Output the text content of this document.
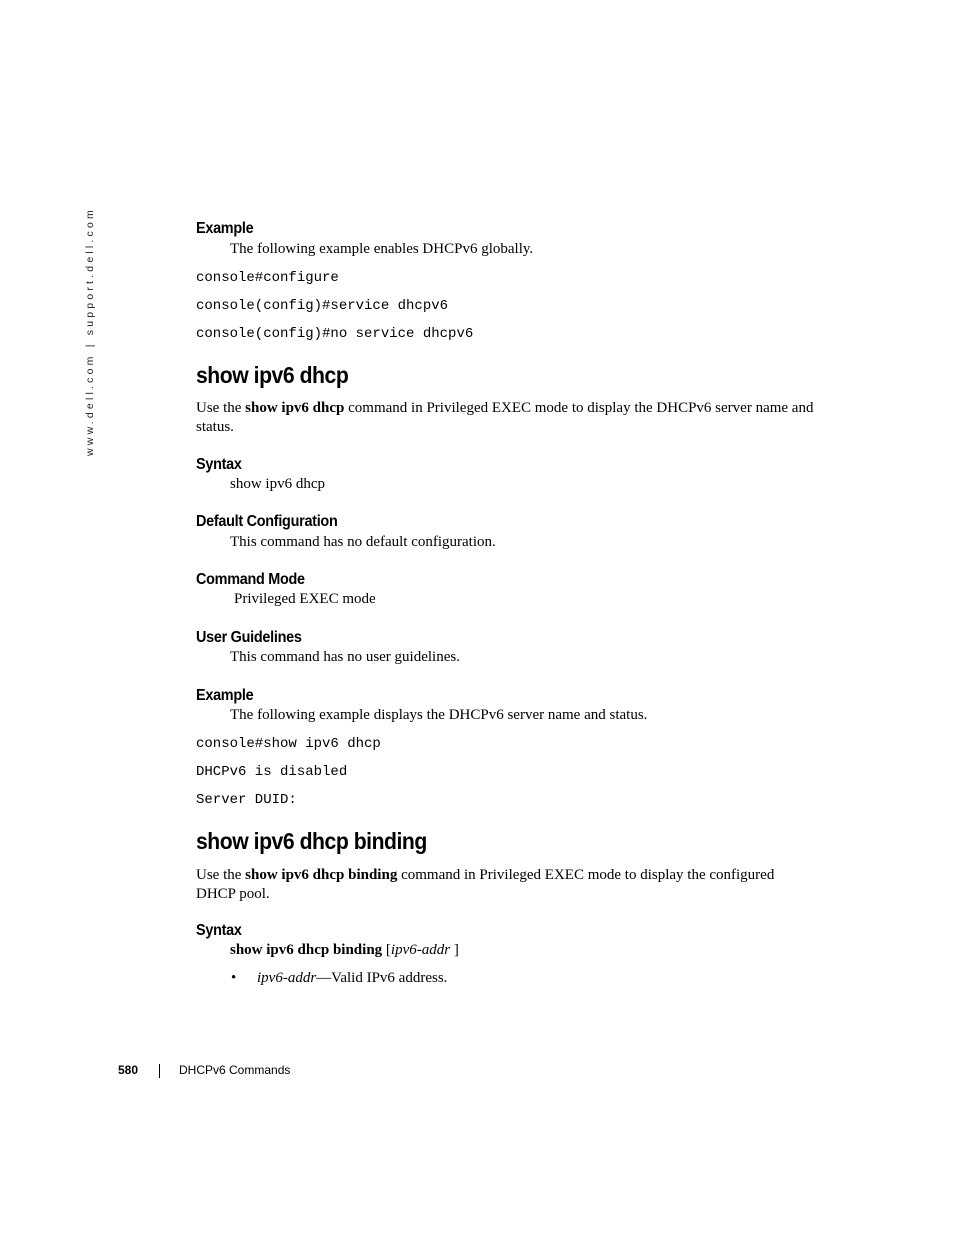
www.dell.com | support.dell.com	Example
The following example enables DHCPv6 globally.
console#configure
console(config)#service dhcpv6
console(config)#no service dhcpv6
show ipv6 dhcp
Use the show ipv6 dhcp command in Privileged EXEC mode to display the DHCPv6 server name and status.
Syntax
show ipv6 dhcp
Default Configuration
This command has no default configuration.
Command Mode
Privileged EXEC mode
User Guidelines
This command has no user guidelines.
Example
The following example displays the DHCPv6 server name and status.
console#show ipv6 dhcp
DHCPv6 is disabled
Server DUID:
show ipv6 dhcp binding
Use the show ipv6 dhcp binding command in Privileged EXEC mode to display the configured DHCP pool.
Syntax
show ipv6 dhcp binding [ipv6-addr ]
• ipv6-addr—Valid IPv6 address.
580	DHCPv6 Commands
